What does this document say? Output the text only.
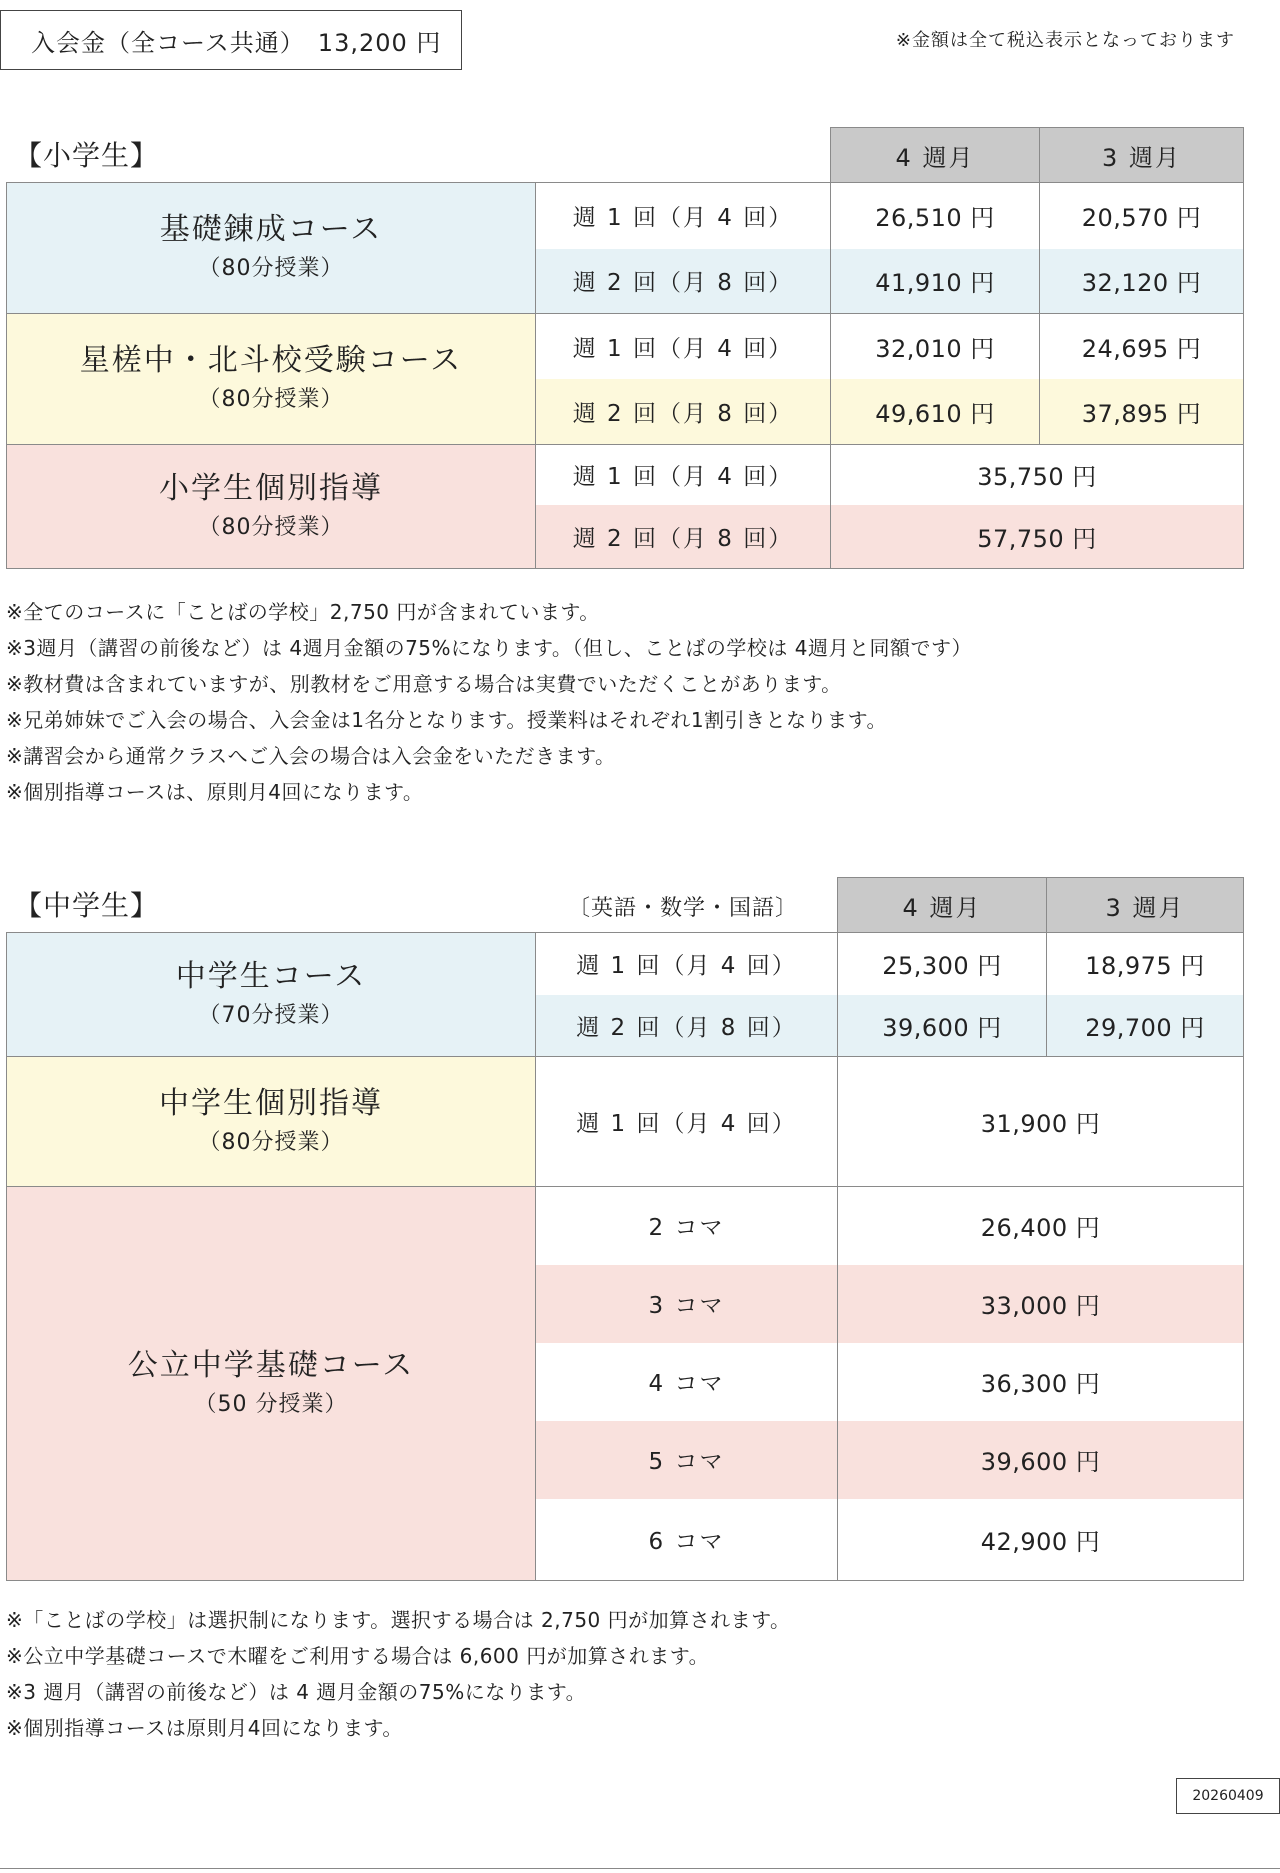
入会金（全コース共通）　13,200 円	※金額は全て税込表示となっております
【小学生】
		4 週月	3 週月

基礎錬成コース
（80分授業）	週 1 回（月 4 回）	26,510 円	20,570 円
	週 2 回（月 8 回）	41,910 円	32,120 円

星槎中・北斗校受験コース
（80分授業）	週 1 回（月 4 回）	32,010 円	24,695 円
	週 2 回（月 8 回）	49,610 円	37,895 円

小学生個別指導
（80分授業）	週 1 回（月 4 回）	35,750 円	
	週 2 回（月 8 回）	57,750 円	
※全てのコースに「ことばの学校」2,750 円が含まれています。
※3週月（講習の前後など）は 4週月金額の75%になります。（但し、ことばの学校は 4週月と同額です）
※教材費は含まれていますが、別教材をご用意する場合は実費でいただくことがあります。
※兄弟姉妹でご入会の場合、入会金は1名分となります。授業料はそれぞれ1割引きとなります。
※講習会から通常クラスへご入会の場合は入会金をいただきます。
※個別指導コースは、原則月4回になります。
【中学生】	〔英語・数学・国語〕
		4 週月	3 週月

中学生コース
（70分授業）	週 1 回（月 4 回）	25,300 円	18,975 円
	週 2 回（月 8 回）	39,600 円	29,700 円

中学生個別指導
（80分授業）	週 1 回（月 4 回）	31,900 円	

公立中学基礎コース
（50 分授業）	2 コマ	26,400 円	
	3 コマ	33,000 円	
	4 コマ	36,300 円	
	5 コマ	39,600 円	
	6 コマ	42,900 円	
※「ことばの学校」は選択制になります。選択する場合は 2,750 円が加算されます。
※公立中学基礎コースで木曜をご利用する場合は 6,600 円が加算されます。
※3 週月（講習の前後など）は 4 週月金額の75%になります。
※個別指導コースは原則月4回になります。
20260409
